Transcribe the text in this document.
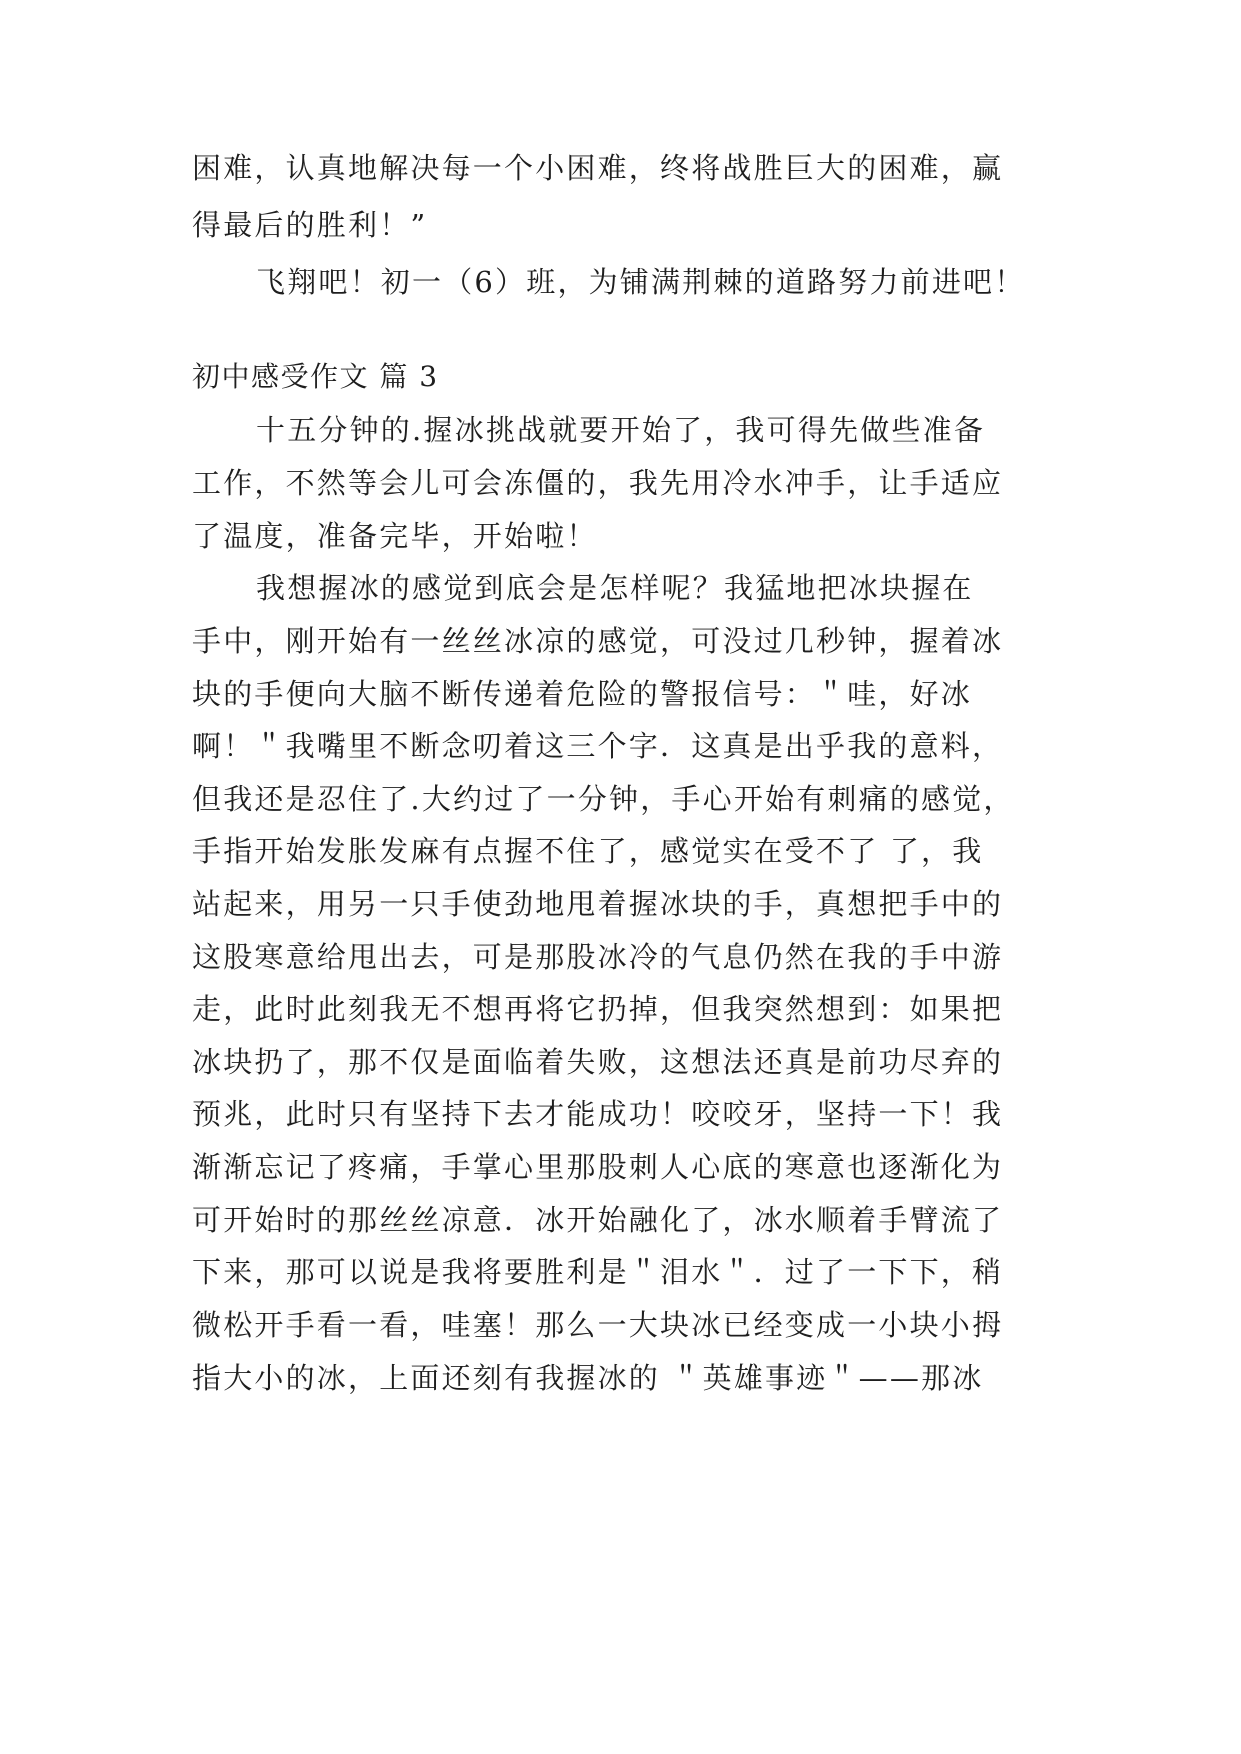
困难，认真地解决每一个小困难，终将战胜巨大的困难，赢
得最后的胜利！”
飞翔吧！初一（6）班，为铺满荆棘的道路努力前进吧！
初中感受作文 篇 3
十五分钟的.握冰挑战就要开始了，我可得先做些准备
工作，不然等会儿可会冻僵的，我先用冷水冲手，让手适应
了温度，准备完毕，开始啦！
我想握冰的感觉到底会是怎样呢？我猛地把冰块握在
手中，刚开始有一丝丝冰凉的感觉，可没过几秒钟，握着冰
块的手便向大脑不断传递着危险的警报信号：＂哇，好冰
啊！＂我嘴里不断念叨着这三个字．这真是出乎我的意料，
但我还是忍住了.大约过了一分钟，手心开始有刺痛的感觉，
手指开始发胀发麻有点握不住了，感觉实在受不了 了，我
站起来，用另一只手使劲地甩着握冰块的手，真想把手中的
这股寒意给甩出去，可是那股冰冷的气息仍然在我的手中游
走，此时此刻我无不想再将它扔掉，但我突然想到：如果把
冰块扔了，那不仅是面临着失败，这想法还真是前功尽弃的
预兆，此时只有坚持下去才能成功！咬咬牙，坚持一下！我
渐渐忘记了疼痛，手掌心里那股刺人心底的寒意也逐渐化为
可开始时的那丝丝凉意．冰开始融化了，冰水顺着手臂流了
下来，那可以说是我将要胜利是＂泪水＂．过了一下下，稍
微松开手看一看，哇塞！那么一大块冰已经变成一小块小拇
指大小的冰，上面还刻有我握冰的 ＂英雄事迹＂——那冰
